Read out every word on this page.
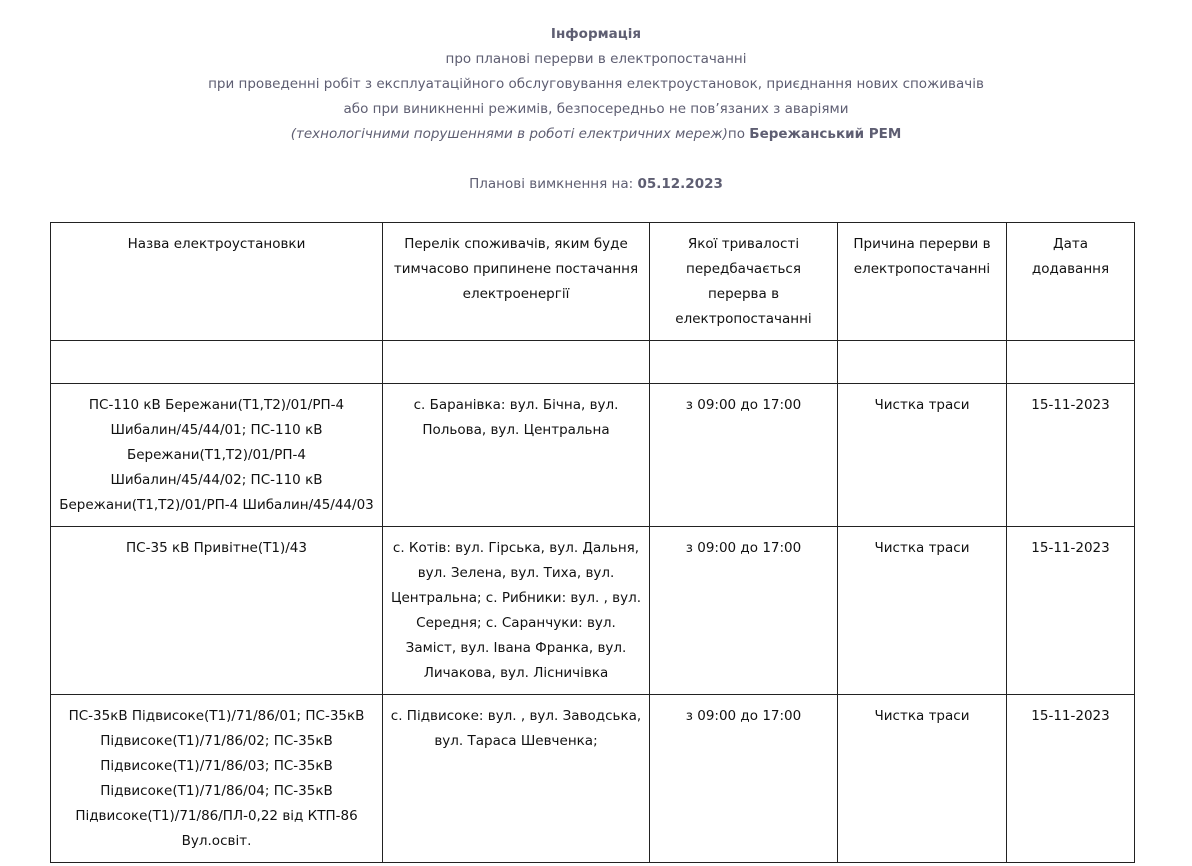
Інформація
про планові перерви в електропостачанні
при проведенні робіт з експлуатаційного обслуговування електроустановок, приєднання нових споживачів
або при виникненні режимів, безпосередньо не пов’язаних з аваріями
(технологічними порушеннями в роботі електричних мереж)по Бережанський РЕМ
Планові вимкнення на: 05.12.2023
Назва електроустановки	Перелік споживачів, яким буде тимчасово припинене постачання електроенергії	Якої тривалості передбачається перерва в електропостачанні	Причина перерви в електропостачанні	Дата додавання

ПС-110 кВ Бережани(Т1,Т2)/01/РП-4 Шибалин/45/44/01; ПС-110 кВ Бережани(Т1,Т2)/01/РП-4 Шибалин/45/44/02; ПС-110 кВ Бережани(Т1,Т2)/01/РП-4 Шибалин/45/44/03	с. Баранівка: вул. Бічна, вул. Польова, вул. Центральна	з 09:00 до 17:00	Чистка траси	15-11-2023
ПС-35 кВ Привітне(Т1)/43	с. Котів: вул. Гірська, вул. Дальня, вул. Зелена, вул. Тиха, вул. Центральна; с. Рибники: вул. , вул. Середня; с. Саранчуки: вул. Заміст, вул. Івана Франка, вул. Личакова, вул. Лісничівка	з 09:00 до 17:00	Чистка траси	15-11-2023
ПС-35кВ Підвисоке(Т1)/71/86/01; ПС-35кВ Підвисоке(Т1)/71/86/02; ПС-35кВ Підвисоке(Т1)/71/86/03; ПС-35кВ Підвисоке(Т1)/71/86/04; ПС-35кВ Підвисоке(Т1)/71/86/ПЛ-0,22 від КТП-86 Вул.освіт.	с. Підвисоке: вул. , вул. Заводська, вул. Тараса Шевченка;	з 09:00 до 17:00	Чистка траси	15-11-2023
